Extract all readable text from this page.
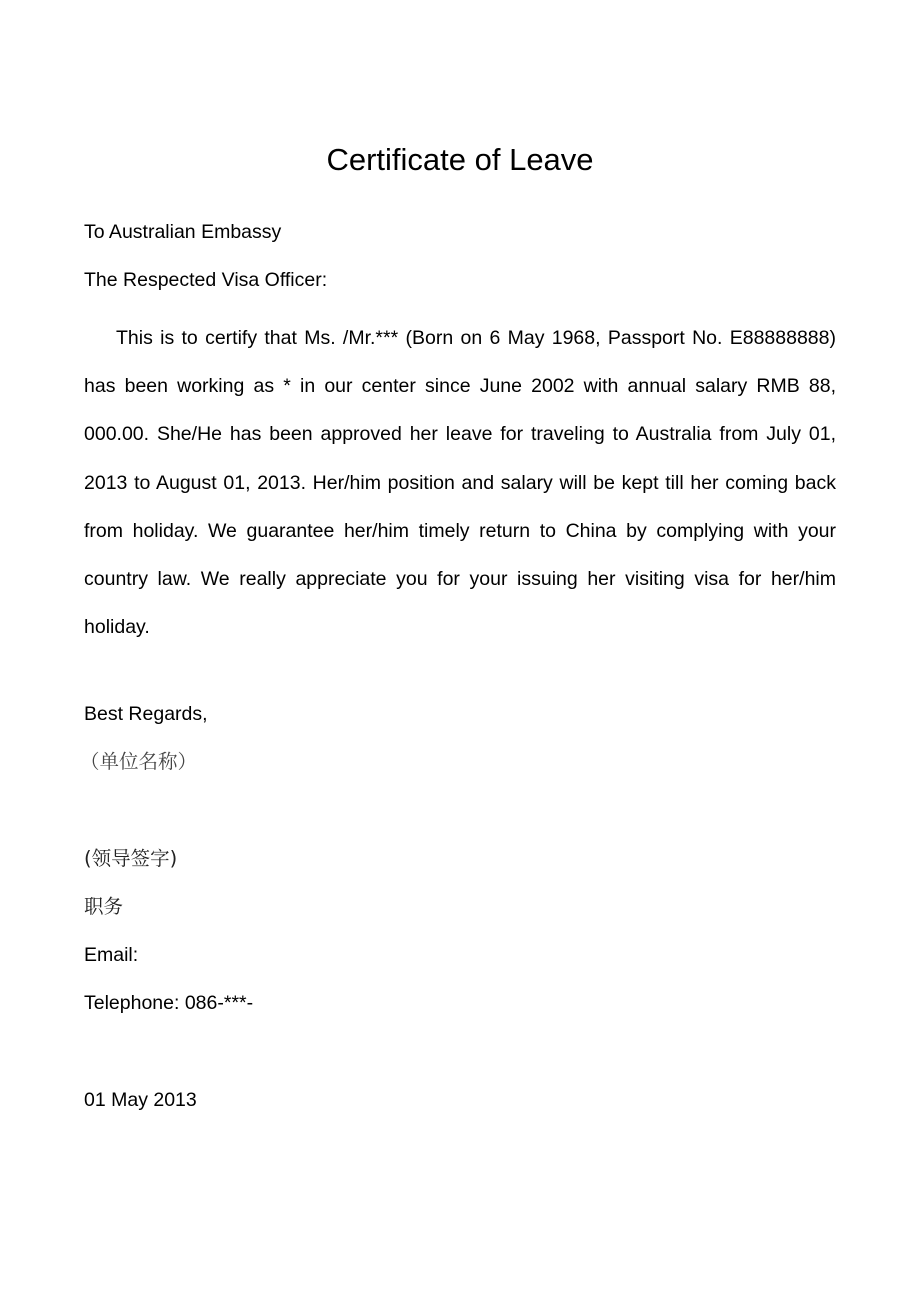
Certificate of Leave

To Australian Embassy

The Respected Visa Officer:

This is to certify that Ms. /Mr.*** (Born on 6 May 1968, Passport No. E88888888) has been working as * in our center since June 2002 with annual salary RMB 88, 000.00. She/He has been approved her leave for traveling to Australia from July 01, 2013 to August 01, 2013. Her/him position and salary will be kept till her coming back from holiday. We guarantee her/him timely return to China by complying with your country law. We really appreciate you for your issuing her visiting visa for her/him holiday.

Best Regards,

（单位名称）

(领导签字)

职务

Email:

Telephone: 086-***-

01 May 2013
